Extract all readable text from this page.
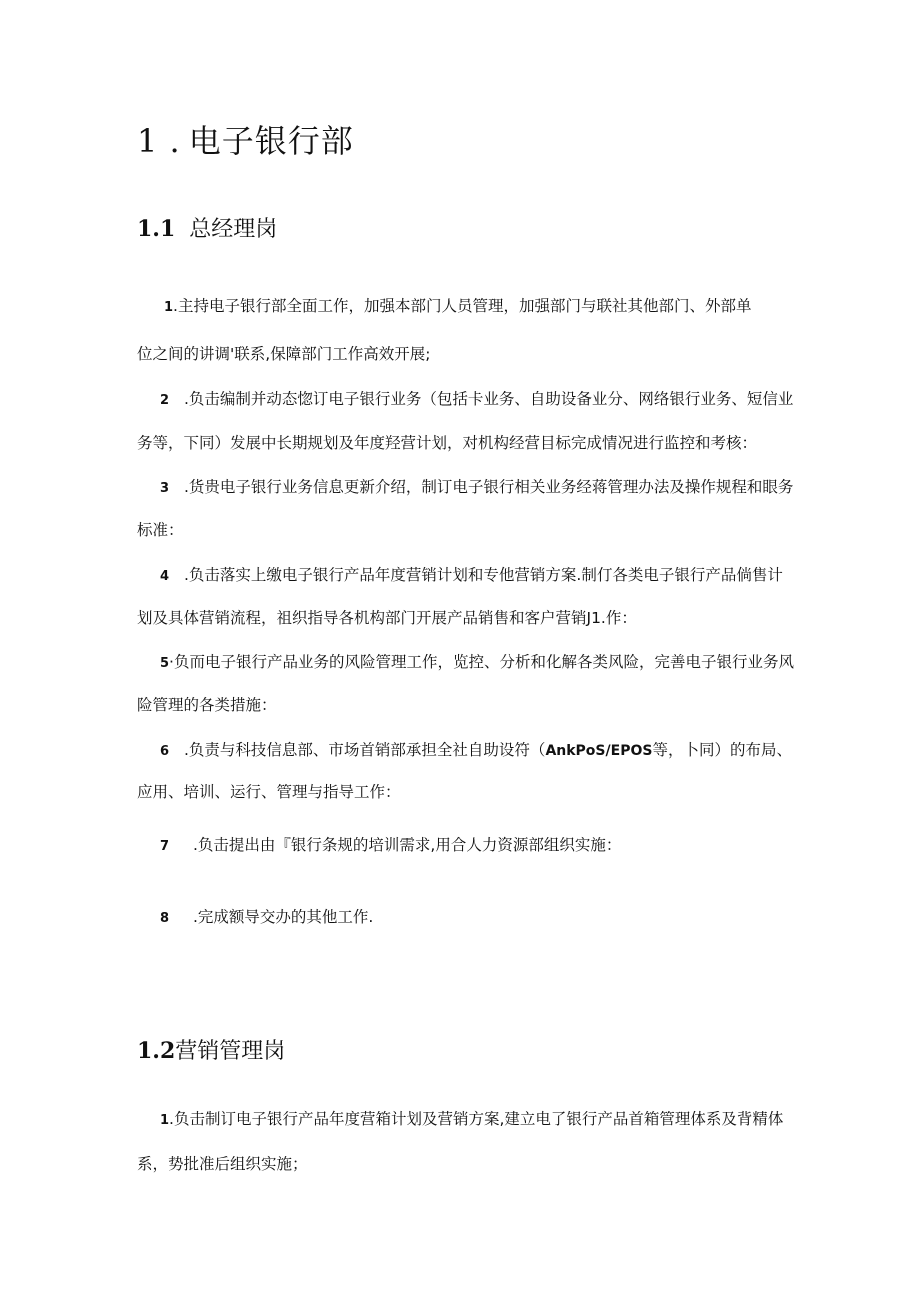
1 . 电子银行部
1.1 总经理岗
1.主持电子银行部全面工作，加强本部门人员管理，加强部门与联社其他部门、外部单
位之间的讲调'联系,保障部门工作高效开展;
2 .负击编制并动态惚订电子银行业务（包括卡业务、自助设备业分、网络银行业务、短信业
务等，下同）发展中长期规划及年度羟营计划，对机构经营目标完成情况进行监控和考核：
3 .货贵电子银行业务信息更新介绍，制订电子银行相关业务经蒋管理办法及操作规程和眼务
标准：
4 .负击落实上缴电子银行产品年度营销计划和专他营销方案.制仃各类电子银行产品倘售计
划及具体营销流程，祖织指导各机构部门开展产品销售和客户营销J1.作：
5·负而电子银行产品业务的风险管理工作，览控、分析和化解各类风险，完善电子银行业务风
险管理的各类措施：
6 .负责与科技信息部、市场首销部承担全社自助设符（AnkPoS/EPOS等，卜同）的布局、
应用、培训、运行、管理与指导工作：
7 .负击提出由『银行条规的培训需求,用合人力资源部组织实施：
8 .完成额导交办的其他工作.
1.2营销管理岗
1.负击制订电子银行产品年度营箱计划及营销方案,建立电了银行产品首箱管理体系及背精体
系，势批准后组织实施；
